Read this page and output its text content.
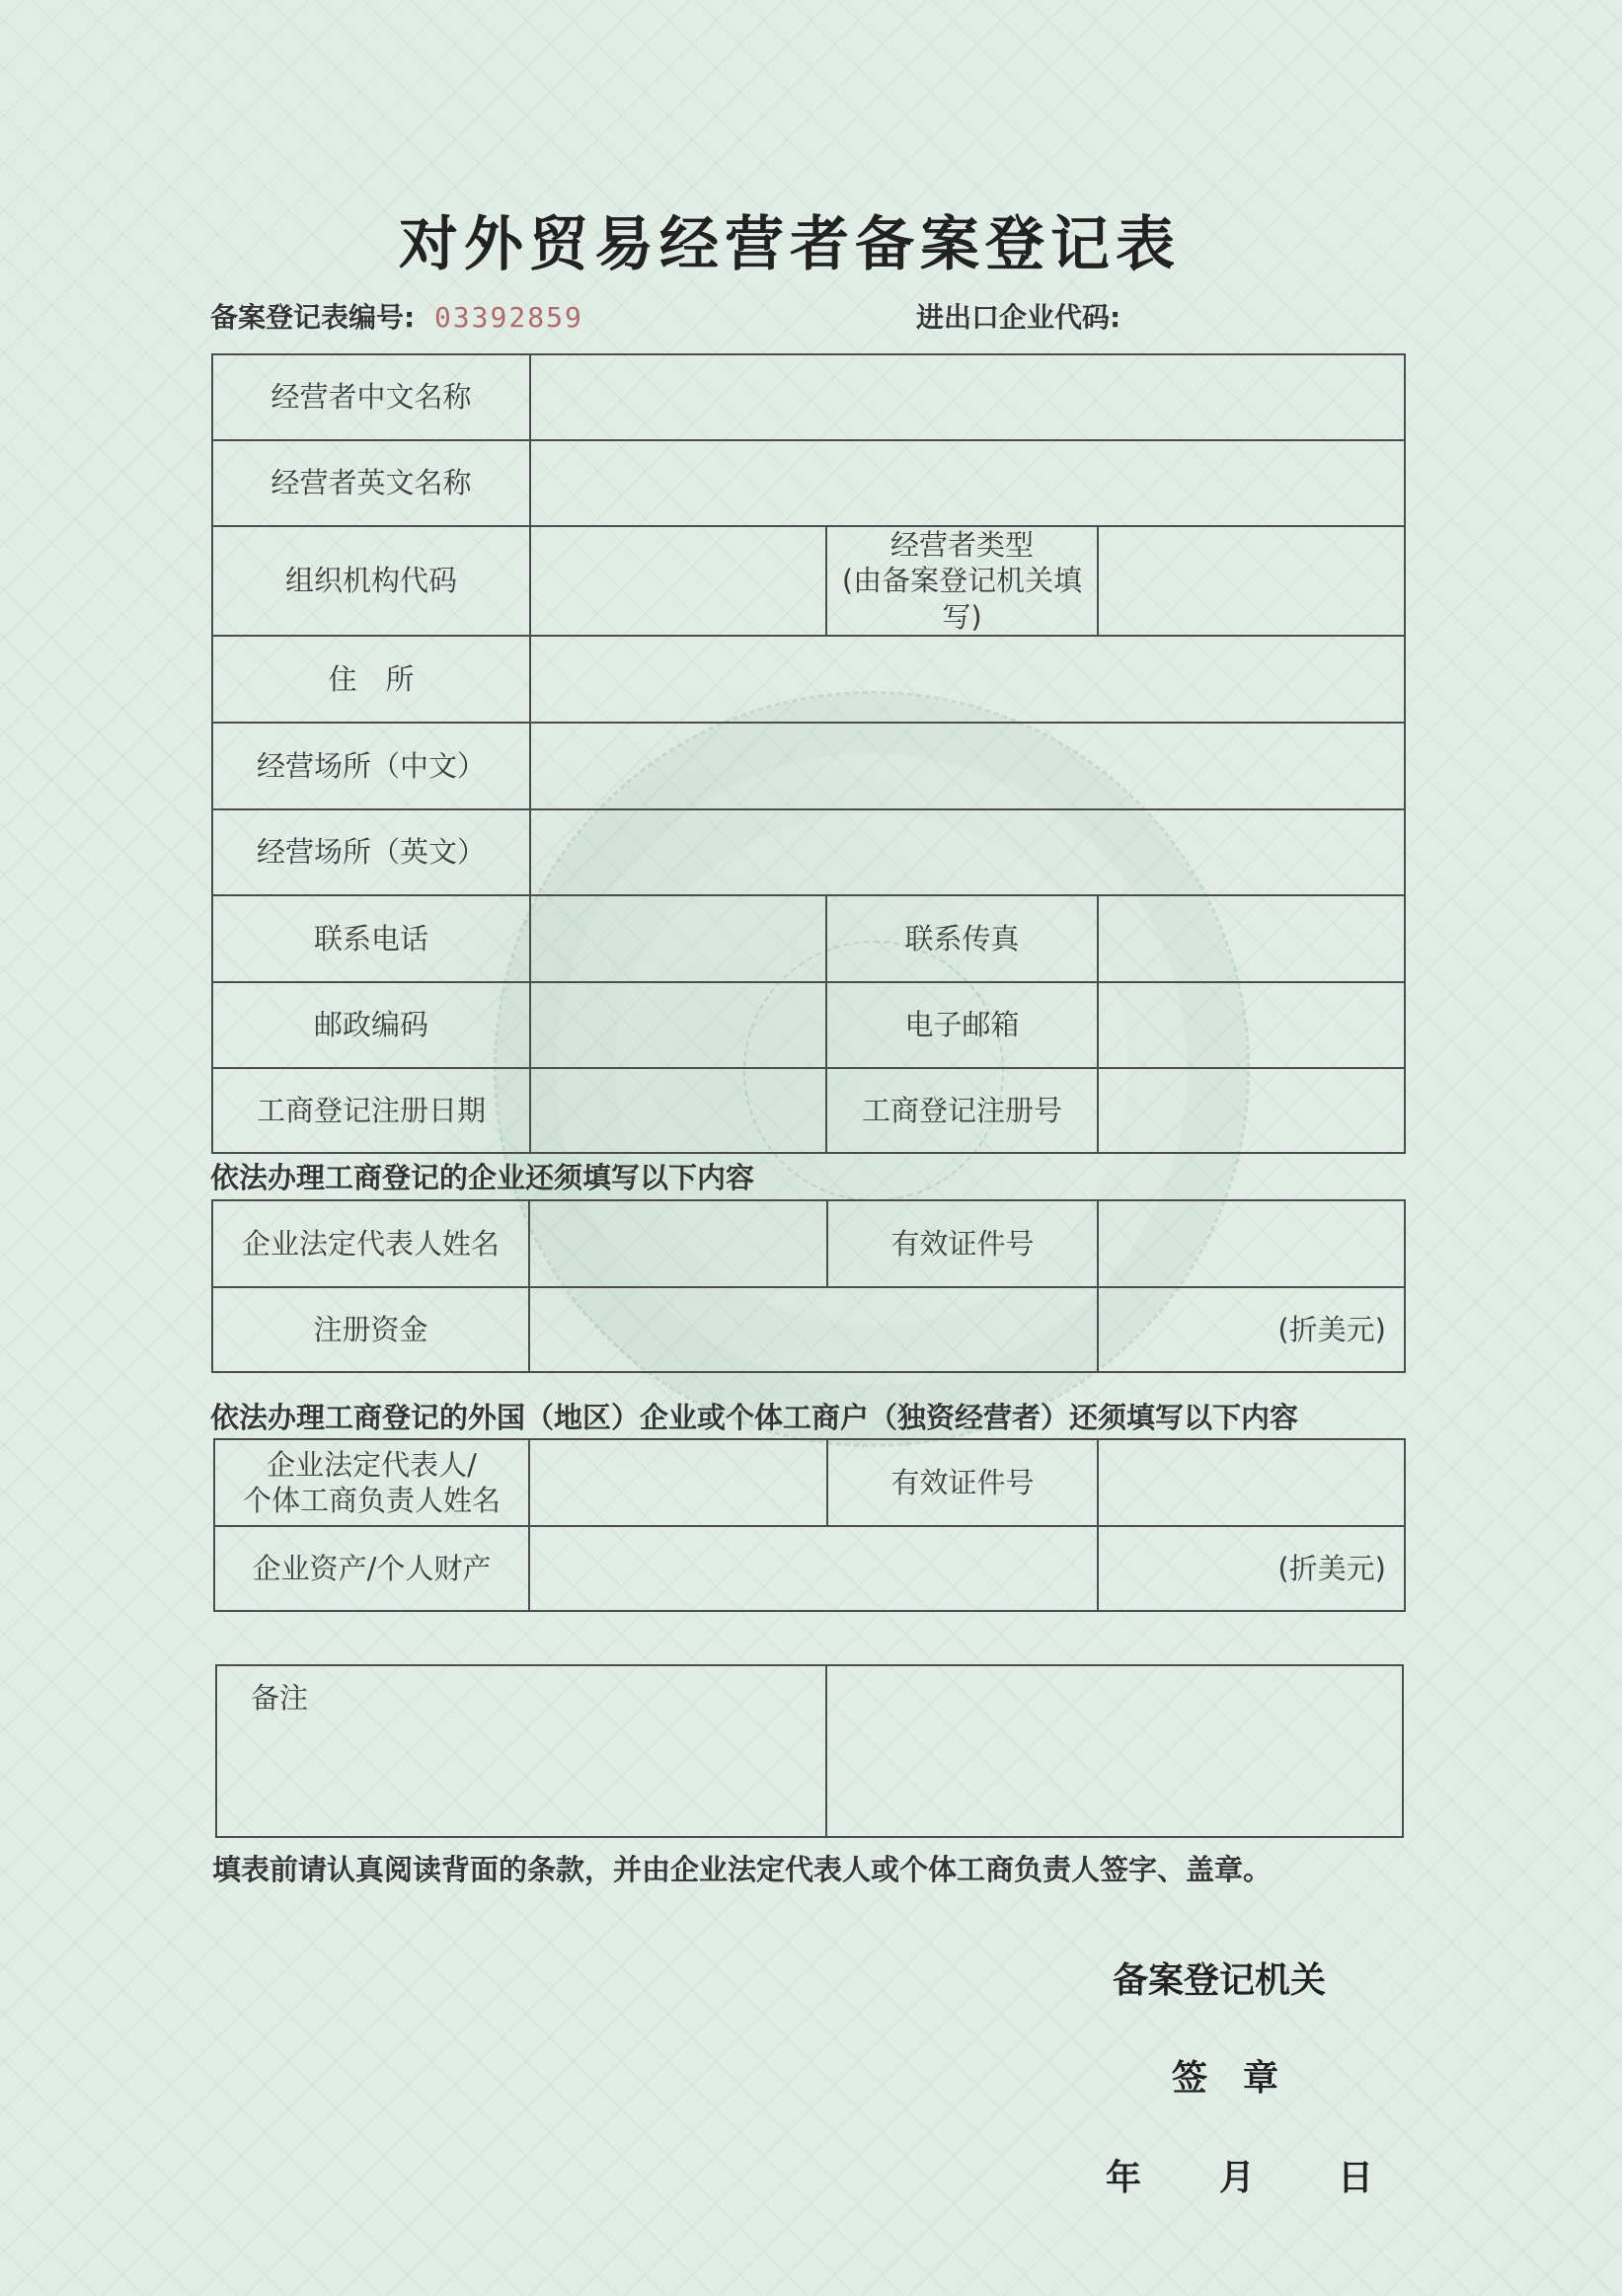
对外贸易经营者备案登记表
备案登记表编号: 03392859	进出口企业代码:
经营者中文名称			
经营者英文名称			
组织机构代码		经营者类型
(由备案登记机关填写)	

住　所			
经营场所（中文）			
经营场所（英文）			
联系电话		联系传真	
邮政编码		电子邮箱	
工商登记注册日期		工商登记注册号	
依法办理工商登记的企业还须填写以下内容
企业法定代表人姓名		有效证件号	
注册资金			(折美元)
依法办理工商登记的外国（地区）企业或个体工商户（独资经营者）还须填写以下内容
企业法定代表人/
个体工商负责人姓名		有效证件号	
企业资产/个人财产			(折美元)
备注	
填表前请认真阅读背面的条款，并由企业法定代表人或个体工商负责人签字、盖章。
备案登记机关
签　章
年 月 日
